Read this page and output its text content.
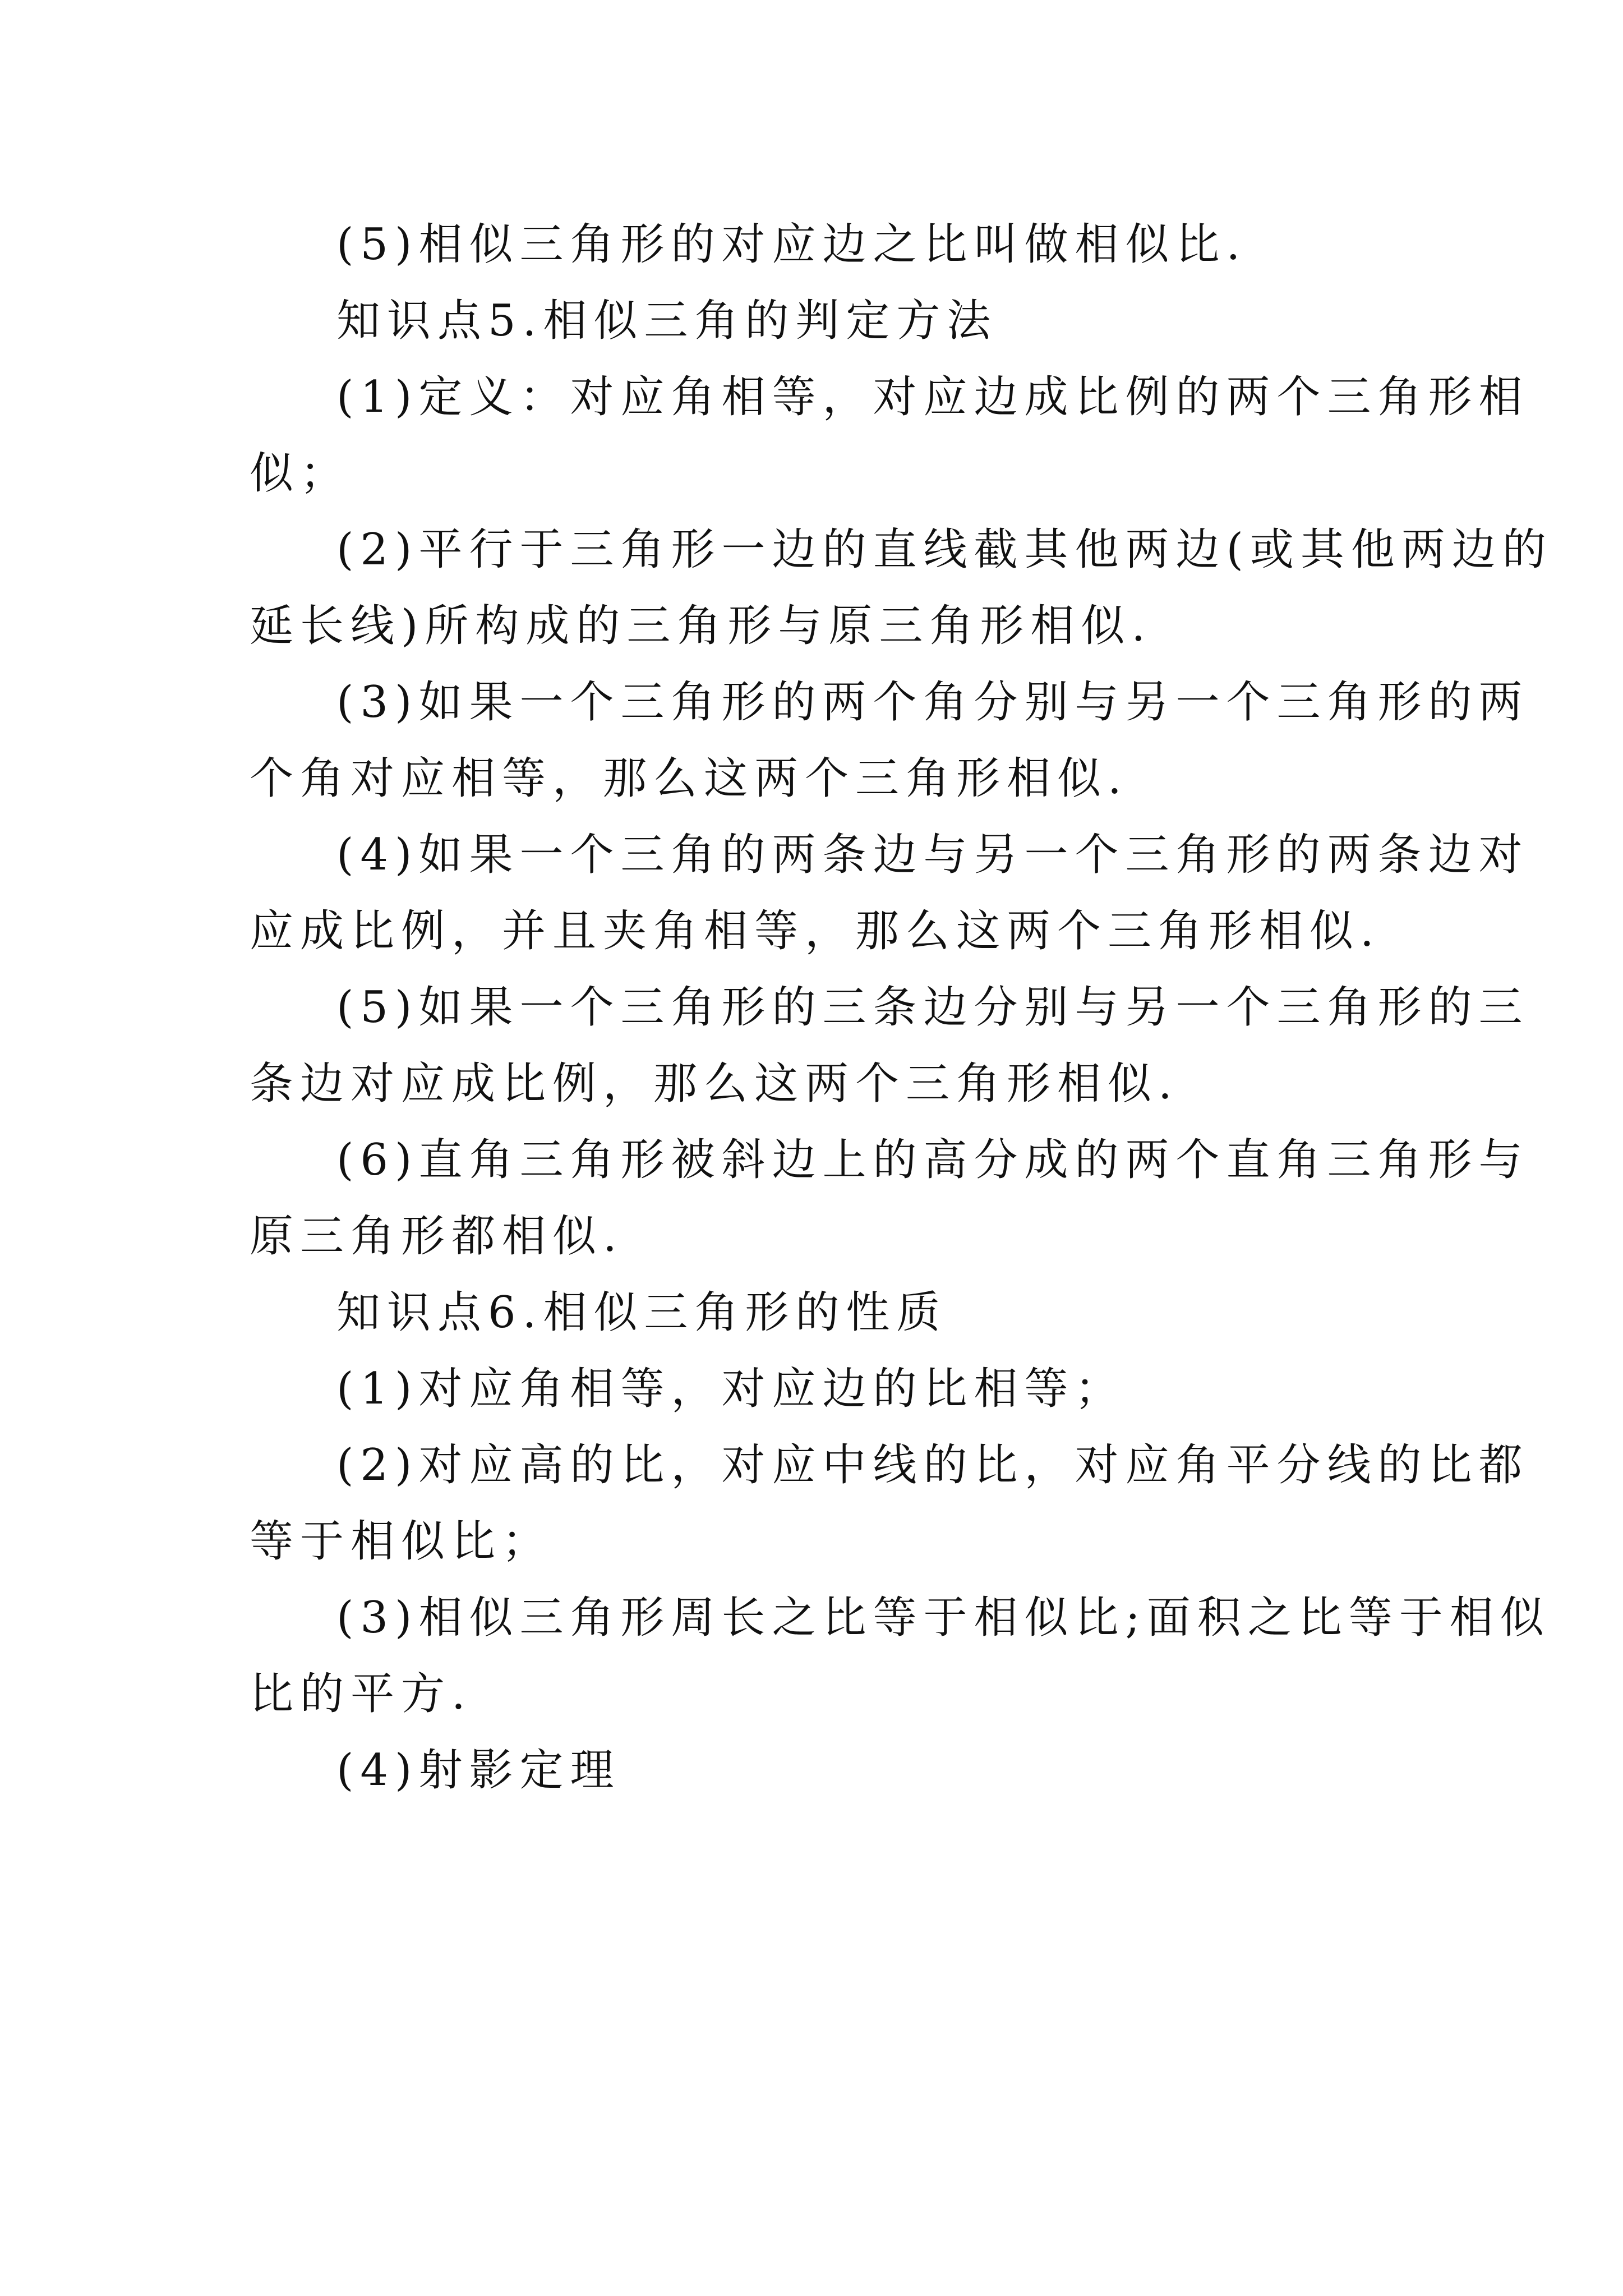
(5)相似三角形的对应边之比叫做相似比.
知识点5.相似三角的判定方法
(1)定义：对应角相等，对应边成比例的两个三角形相
似；
(2)平行于三角形一边的直线截其他两边(或其他两边的
延长线)所构成的三角形与原三角形相似.
(3)如果一个三角形的两个角分别与另一个三角形的两
个角对应相等，那么这两个三角形相似.
(4)如果一个三角的两条边与另一个三角形的两条边对
应成比例，并且夹角相等，那么这两个三角形相似.
(5)如果一个三角形的三条边分别与另一个三角形的三
条边对应成比例，那么这两个三角形相似.
(6)直角三角形被斜边上的高分成的两个直角三角形与
原三角形都相似.
知识点6.相似三角形的性质
(1)对应角相等，对应边的比相等；
(2)对应高的比，对应中线的比，对应角平分线的比都
等于相似比；
(3)相似三角形周长之比等于相似比;面积之比等于相似
比的平方.
(4)射影定理
